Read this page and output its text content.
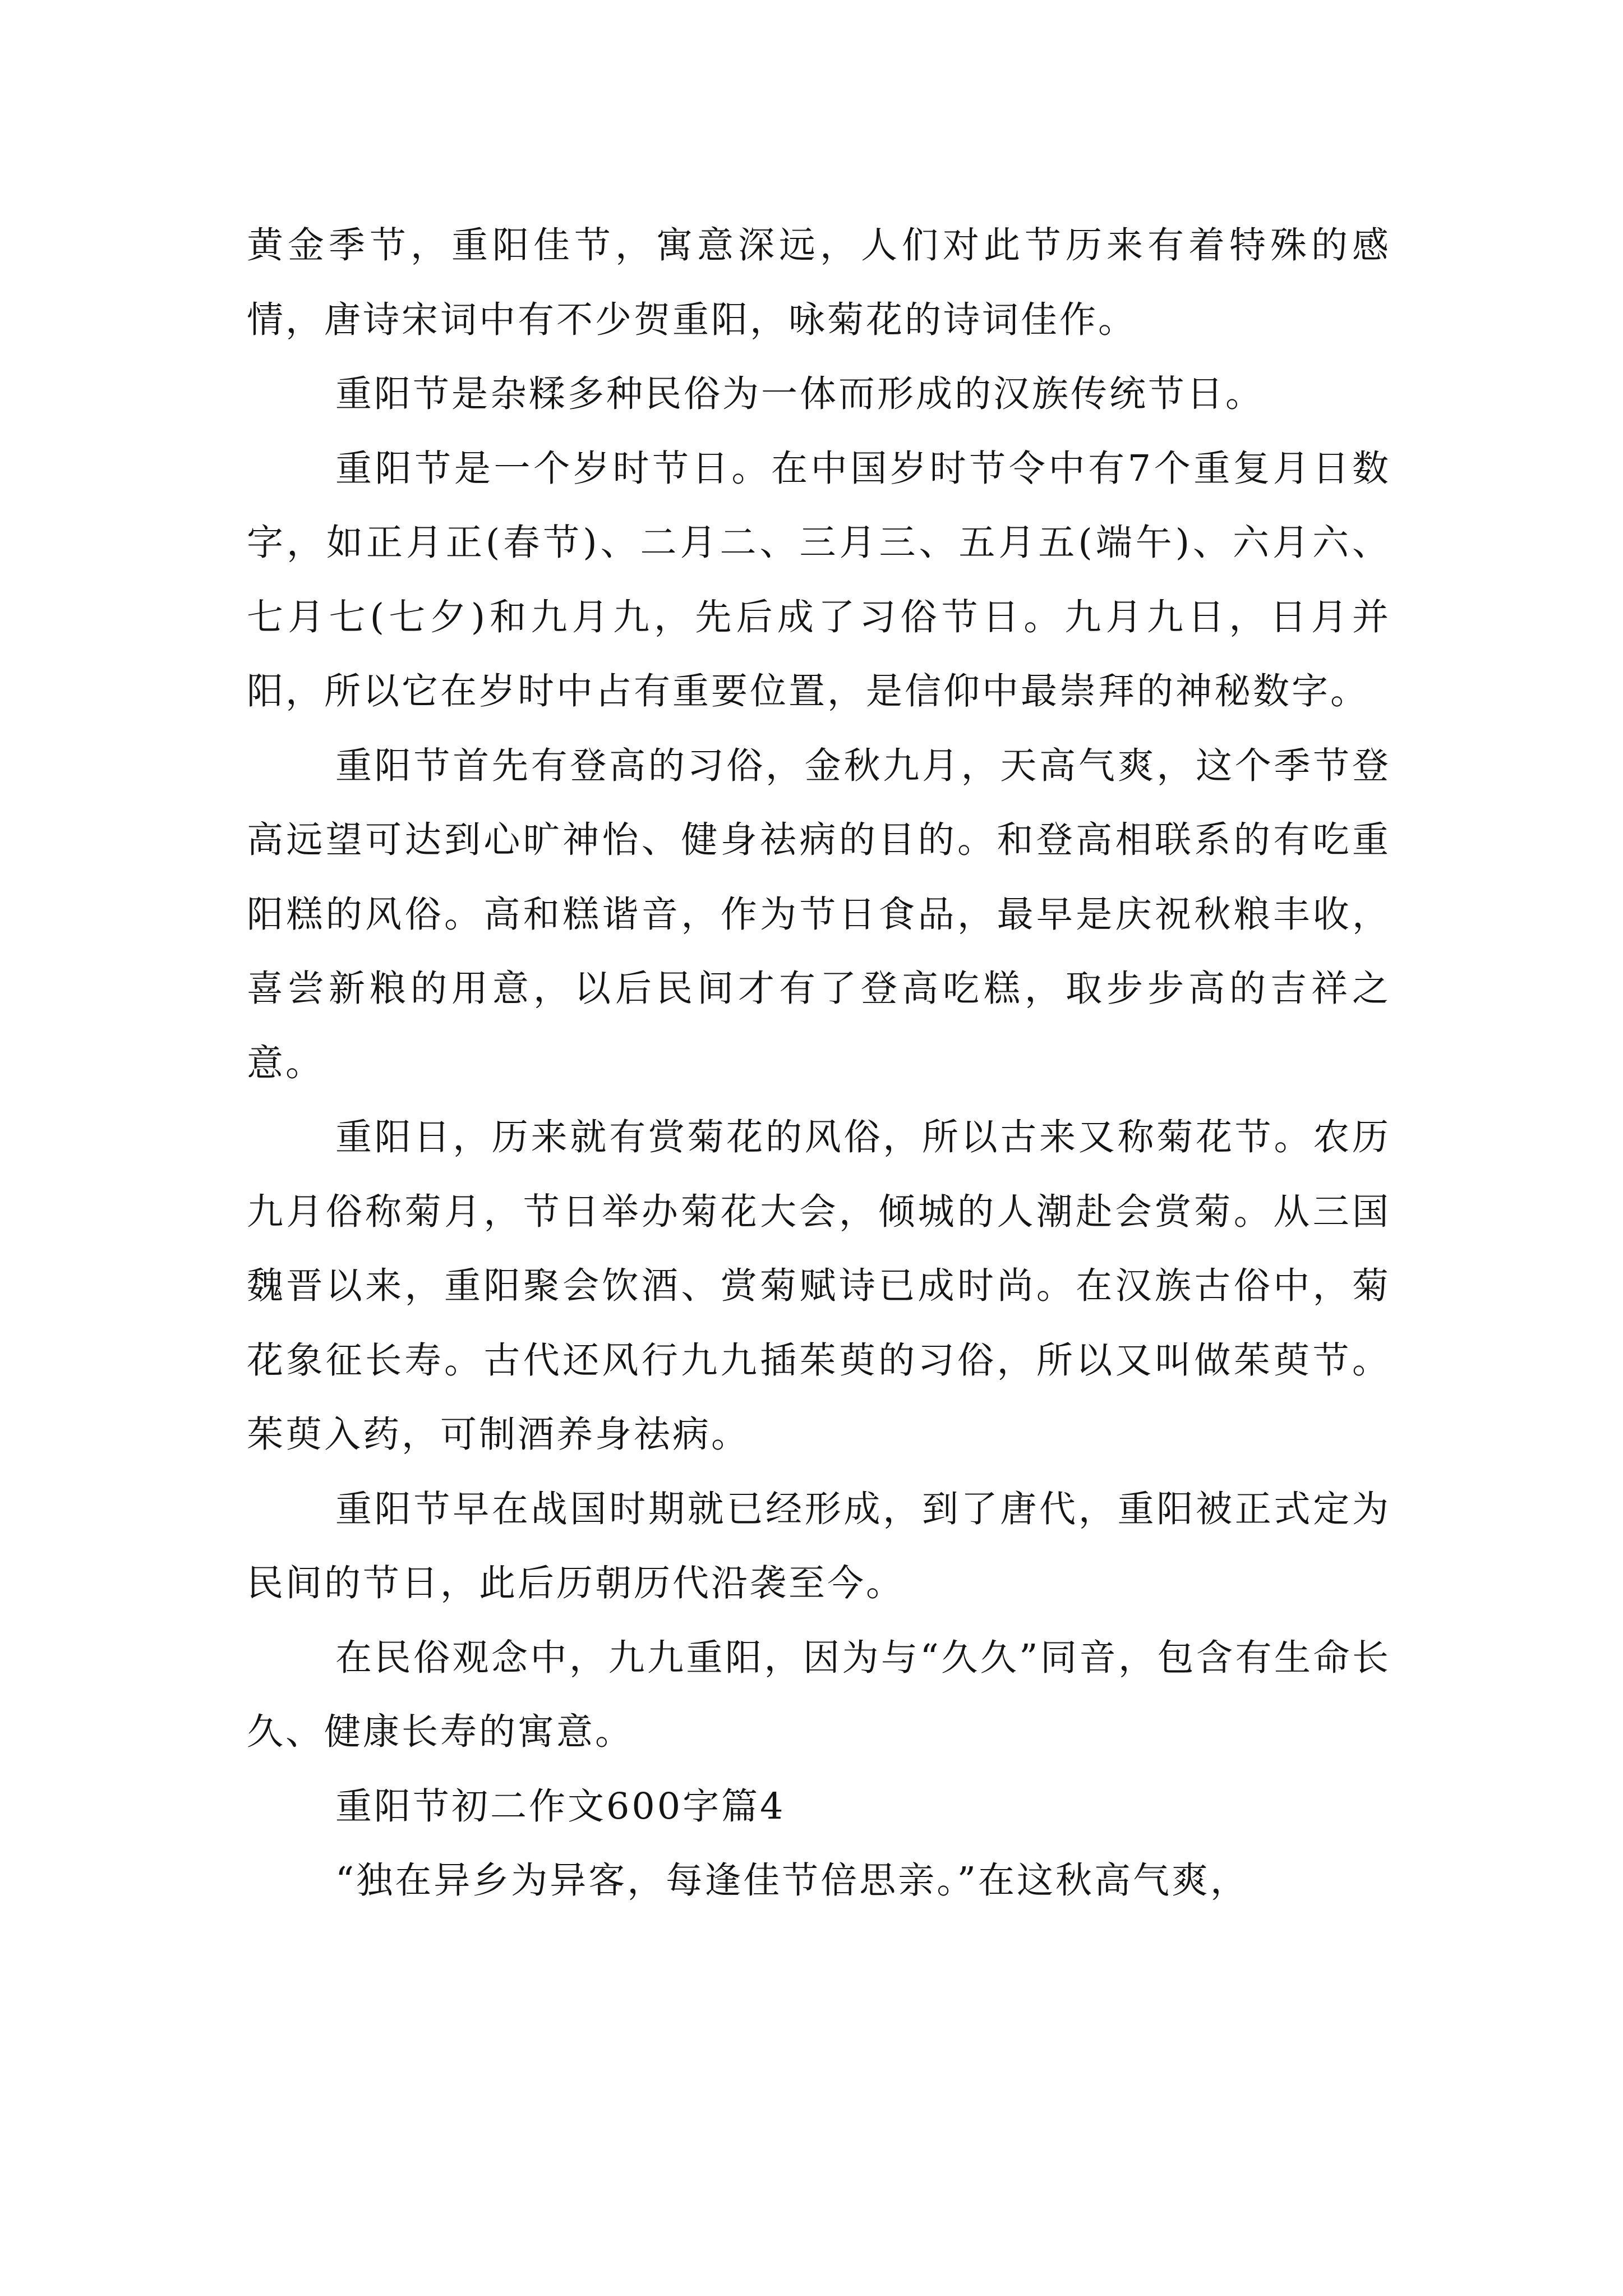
黄金季节，重阳佳节，寓意深远，人们对此节历来有着特殊的感情，唐诗宋词中有不少贺重阳，咏菊花的诗词佳作。

重阳节是杂糅多种民俗为一体而形成的汉族传统节日。

重阳节是一个岁时节日。在中国岁时节令中有7个重复月日数字，如正月正(春节)、二月二、三月三、五月五(端午)、六月六、七月七(七夕)和九月九，先后成了习俗节日。九月九日，日月并阳，所以它在岁时中占有重要位置，是信仰中最崇拜的神秘数字。

重阳节首先有登高的习俗，金秋九月，天高气爽，这个季节登高远望可达到心旷神怡、健身祛病的目的。和登高相联系的有吃重阳糕的风俗。高和糕谐音，作为节日食品，最早是庆祝秋粮丰收，喜尝新粮的用意，以后民间才有了登高吃糕，取步步高的吉祥之意。

重阳日，历来就有赏菊花的风俗，所以古来又称菊花节。农历九月俗称菊月，节日举办菊花大会，倾城的人潮赴会赏菊。从三国魏晋以来，重阳聚会饮酒、赏菊赋诗已成时尚。在汉族古俗中，菊花象征长寿。古代还风行九九插茱萸的习俗，所以又叫做茱萸节。茱萸入药，可制酒养身祛病。

重阳节早在战国时期就已经形成，到了唐代，重阳被正式定为民间的节日，此后历朝历代沿袭至今。

在民俗观念中，九九重阳，因为与“久久”同音，包含有生命长久、健康长寿的寓意。

重阳节初二作文600字篇4

“独在异乡为异客，每逢佳节倍思亲。”在这秋高气爽，
